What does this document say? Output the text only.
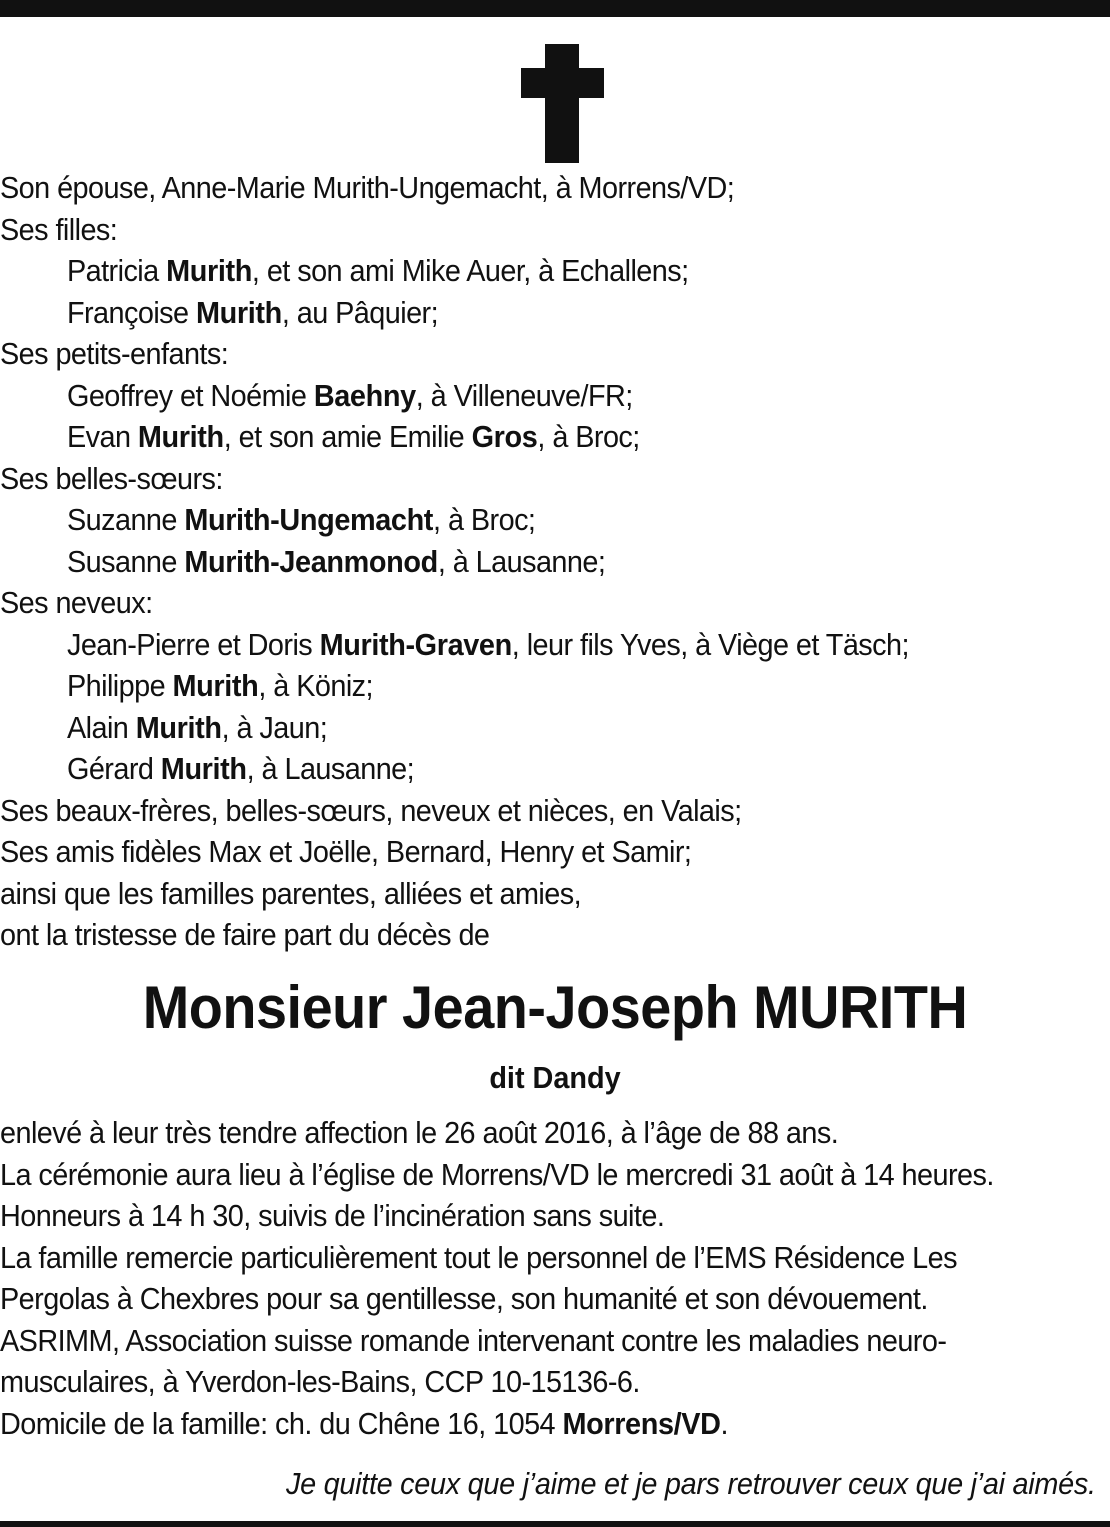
Son épouse, Anne-Marie Murith-Ungemacht, à Morrens/VD;
Ses filles:
Patricia Murith, et son ami Mike Auer, à Echallens;
Françoise Murith, au Pâquier;
Ses petits-enfants:
Geoffrey et Noémie Baehny, à Villeneuve/FR;
Evan Murith, et son amie Emilie Gros, à Broc;
Ses belles-sœurs:
Suzanne Murith-Ungemacht, à Broc;
Susanne Murith-Jeanmonod, à Lausanne;
Ses neveux:
Jean-Pierre et Doris Murith-Graven, leur fils Yves, à Viège et Täsch;
Philippe Murith, à Köniz;
Alain Murith, à Jaun;
Gérard Murith, à Lausanne;
Ses beaux-frères, belles-sœurs, neveux et nièces, en Valais;
Ses amis fidèles Max et Joëlle, Bernard, Henry et Samir;
ainsi que les familles parentes, alliées et amies,
ont la tristesse de faire part du décès de
Monsieur Jean-Joseph MURITH
dit Dandy
enlevé à leur très tendre affection le 26 août 2016, à l’âge de 88 ans.
La cérémonie aura lieu à l’église de Morrens/VD le mercredi 31 août à 14 heures.
Honneurs à 14 h 30, suivis de l’incinération sans suite.
La famille remercie particulièrement tout le personnel de l’EMS Résidence Les
Pergolas à Chexbres pour sa gentillesse, son humanité et son dévouement.
ASRIMM, Association suisse romande intervenant contre les maladies neuro-
musculaires, à Yverdon-les-Bains, CCP 10-15136-6.
Domicile de la famille: ch. du Chêne 16, 1054 Morrens/VD.
Je quitte ceux que j’aime et je pars retrouver ceux que j’ai aimés.
